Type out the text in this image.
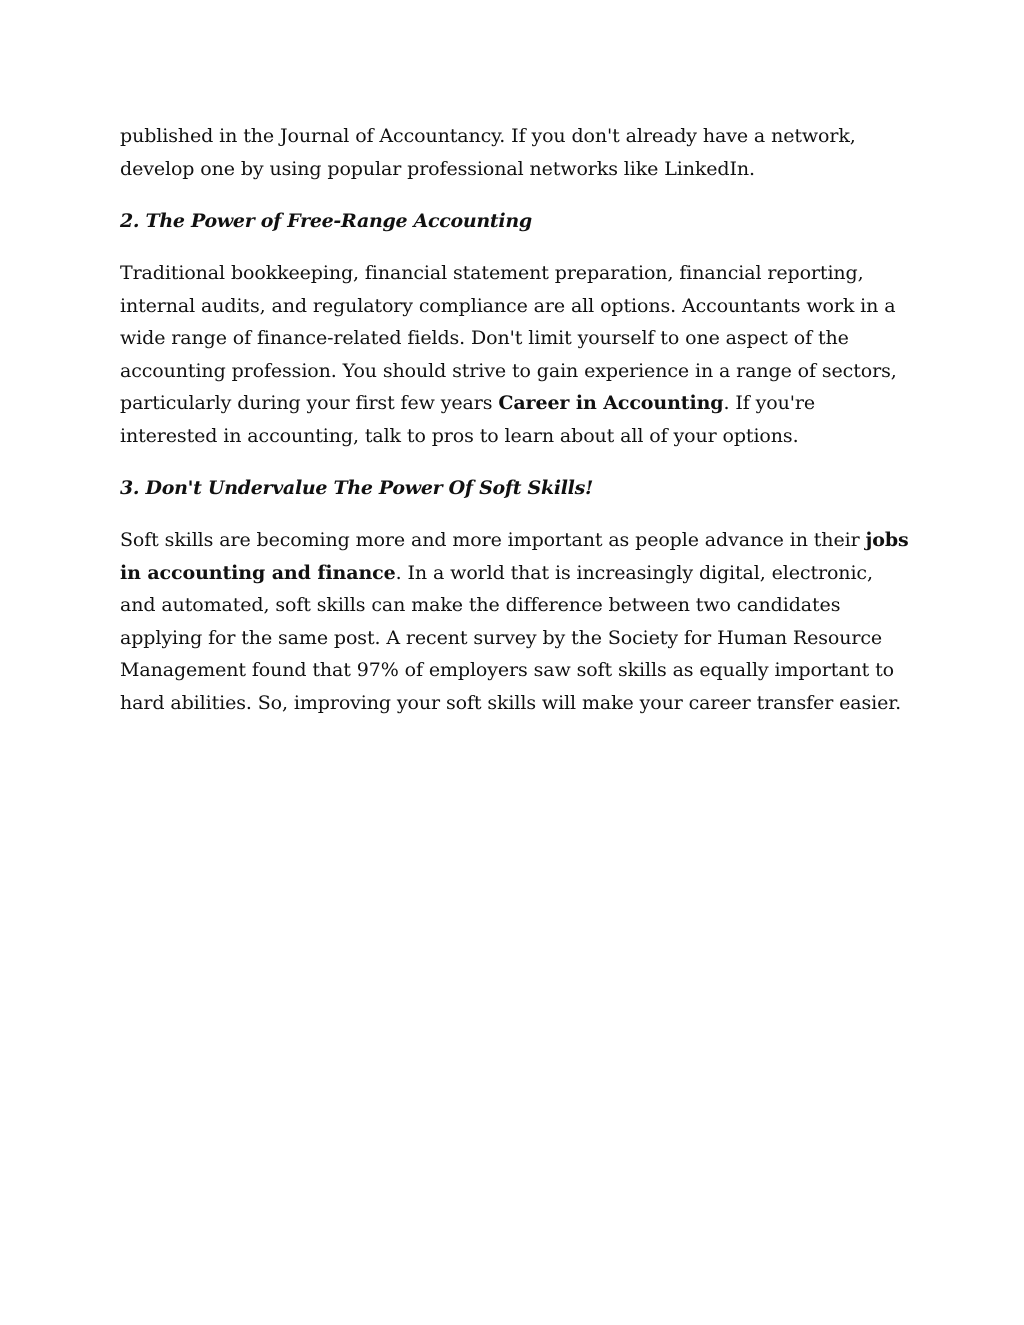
published in the Journal of Accountancy. If you don't already have a network, develop one by using popular professional networks like LinkedIn.

2. The Power of Free-Range Accounting

Traditional bookkeeping, financial statement preparation, financial reporting, internal audits, and regulatory compliance are all options. Accountants work in a wide range of finance-related fields. Don't limit yourself to one aspect of the accounting profession. You should strive to gain experience in a range of sectors, particularly during your first few years Career in Accounting. If you're interested in accounting, talk to pros to learn about all of your options.

3. Don't Undervalue The Power Of Soft Skills!

Soft skills are becoming more and more important as people advance in their jobs in accounting and finance. In a world that is increasingly digital, electronic, and automated, soft skills can make the difference between two candidates applying for the same post. A recent survey by the Society for Human Resource Management found that 97% of employers saw soft skills as equally important to hard abilities. So, improving your soft skills will make your career transfer easier.
